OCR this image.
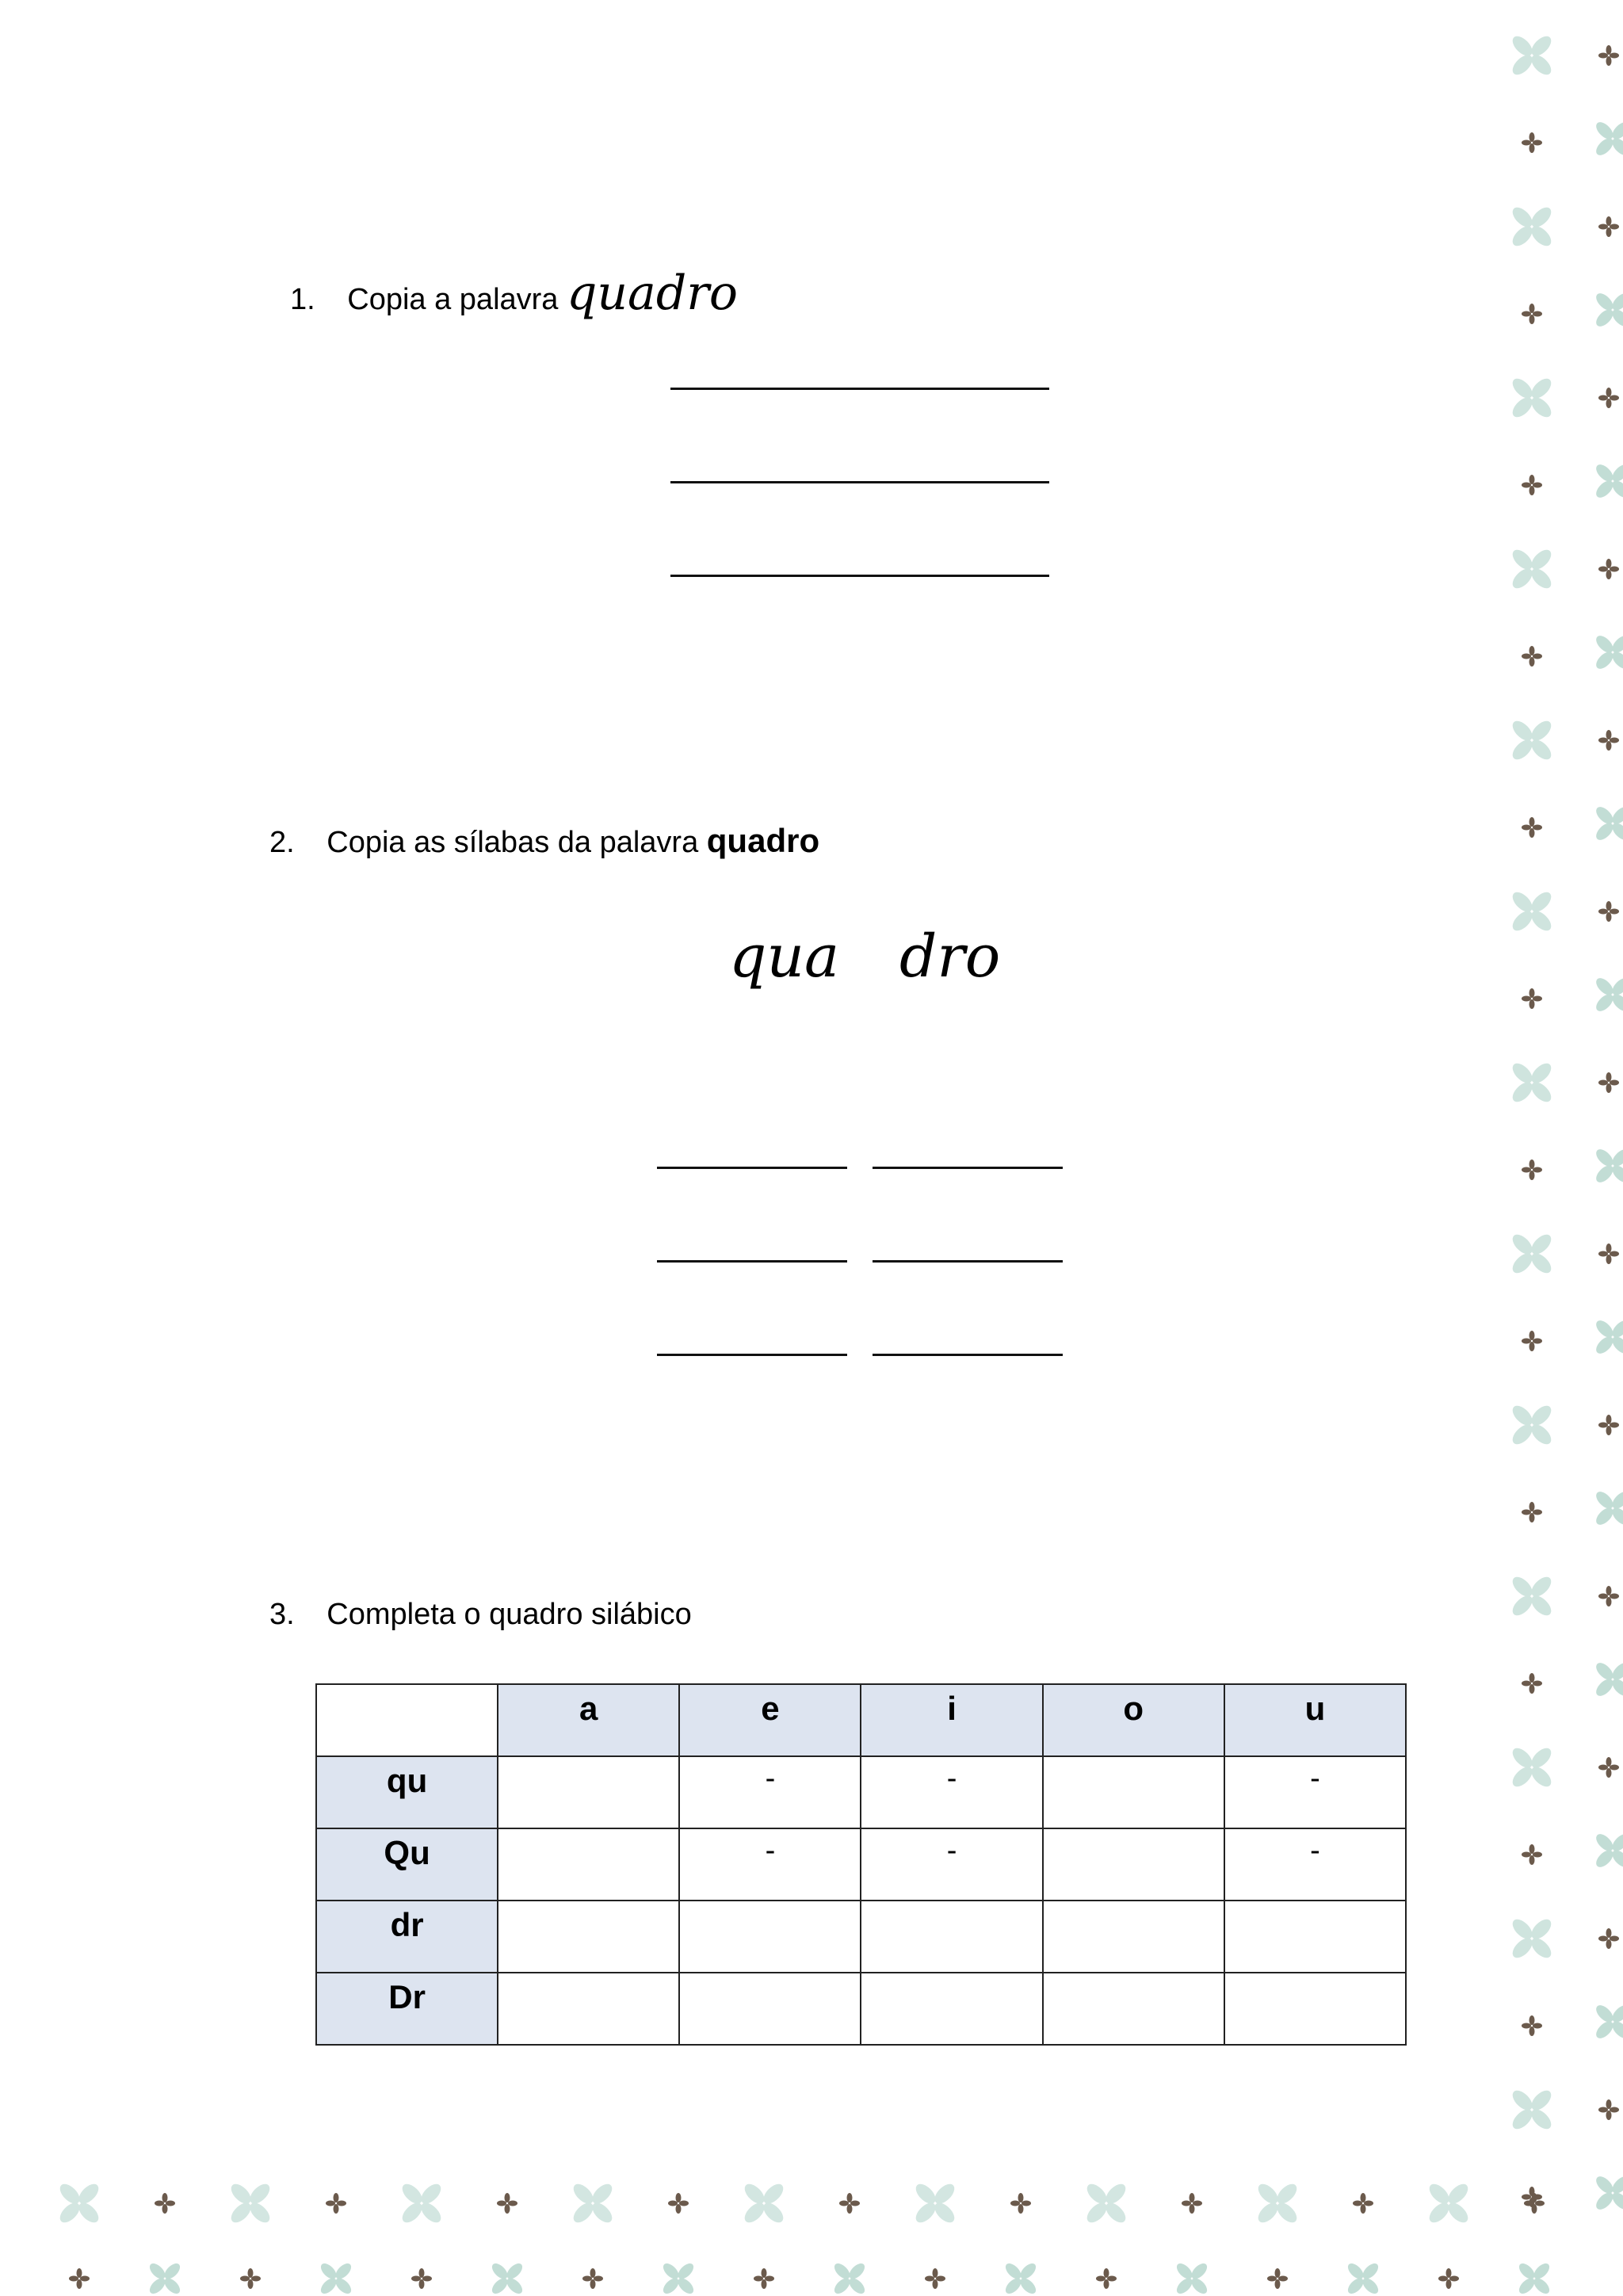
1. Copia a palavra quadro
2. Copia as sílabas da palavra quadro
qua dro
3. Completa o quadro silábico
	a	e	i	o	u
qu		-	-		-
Qu		-	-		-
dr					
Dr					
